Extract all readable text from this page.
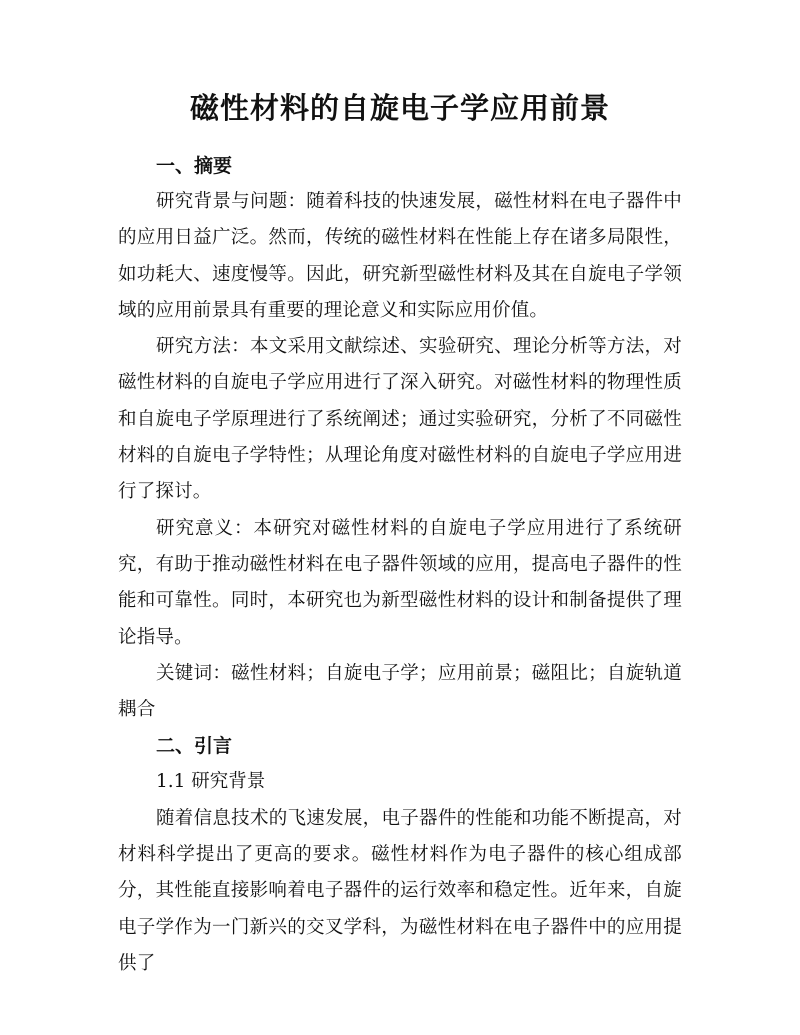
磁性材料的自旋电子学应用前景

一、摘要

研究背景与问题：随着科技的快速发展，磁性材料在电子器件中的应用日益广泛。然而，传统的磁性材料在性能上存在诸多局限性，如功耗大、速度慢等。因此，研究新型磁性材料及其在自旋电子学领域的应用前景具有重要的理论意义和实际应用价值。

研究方法：本文采用文献综述、实验研究、理论分析等方法，对磁性材料的自旋电子学应用进行了深入研究。对磁性材料的物理性质和自旋电子学原理进行了系统阐述；通过实验研究，分析了不同磁性材料的自旋电子学特性；从理论角度对磁性材料的自旋电子学应用进行了探讨。

研究意义：本研究对磁性材料的自旋电子学应用进行了系统研究，有助于推动磁性材料在电子器件领域的应用，提高电子器件的性能和可靠性。同时，本研究也为新型磁性材料的设计和制备提供了理论指导。

关键词：磁性材料；自旋电子学；应用前景；磁阻比；自旋轨道耦合

二、引言

1.1 研究背景

随着信息技术的飞速发展，电子器件的性能和功能不断提高，对材料科学提出了更高的要求。磁性材料作为电子器件的核心组成部分，其性能直接影响着电子器件的运行效率和稳定性。近年来，自旋电子学作为一门新兴的交叉学科，为磁性材料在电子器件中的应用提供了
